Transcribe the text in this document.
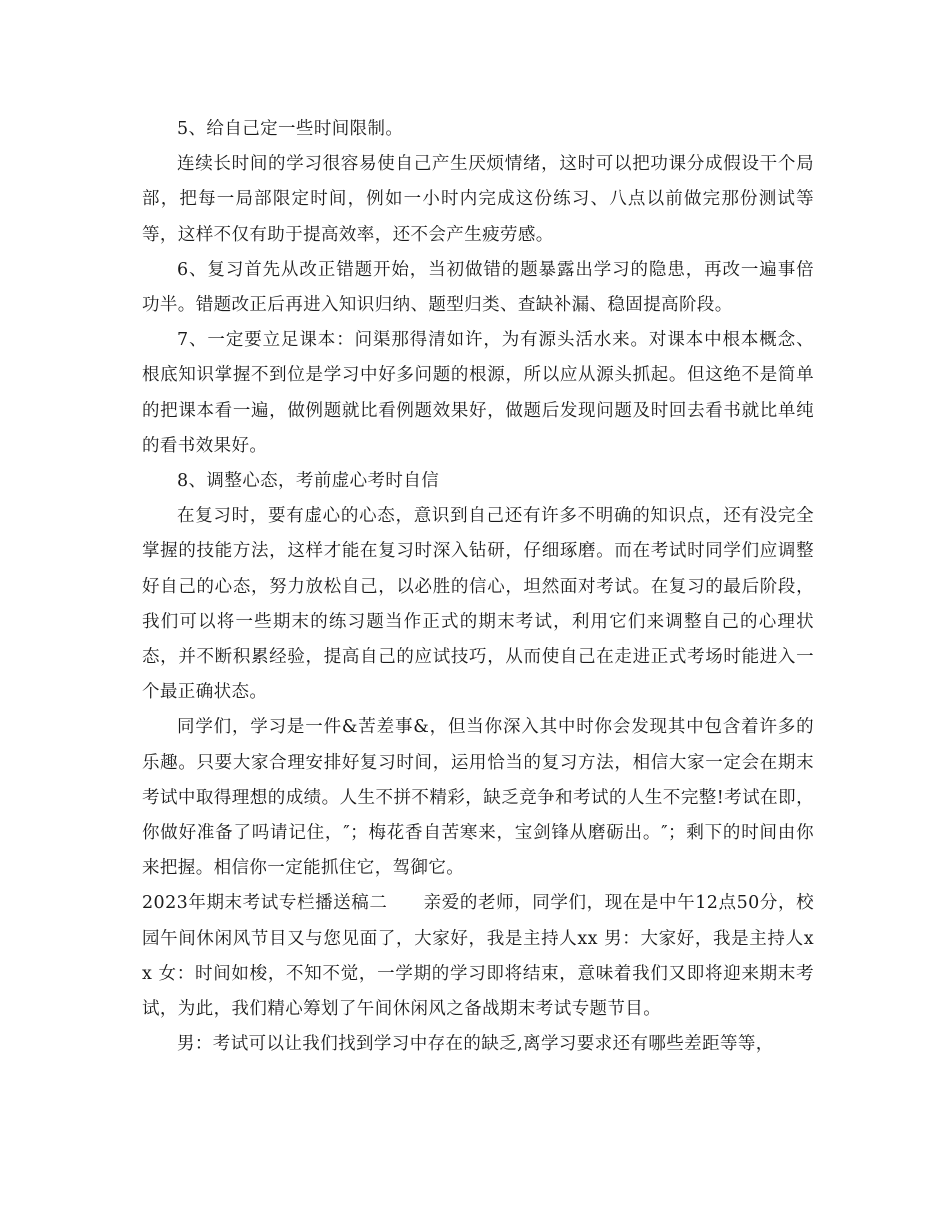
5、给自己定一些时间限制。

连续长时间的学习很容易使自己产生厌烦情绪，这时可以把功课分成假设干个局部，把每一局部限定时间，例如一小时内完成这份练习、八点以前做完那份测试等等，这样不仅有助于提高效率，还不会产生疲劳感。

6、复习首先从改正错题开始，当初做错的题暴露出学习的隐患，再改一遍事倍功半。错题改正后再进入知识归纳、题型归类、查缺补漏、稳固提高阶段。

7、一定要立足课本：问渠那得清如许，为有源头活水来。对课本中根本概念、根底知识掌握不到位是学习中好多问题的根源，所以应从源头抓起。但这绝不是简单的把课本看一遍，做例题就比看例题效果好，做题后发现问题及时回去看书就比单纯的看书效果好。

8、调整心态，考前虚心考时自信

在复习时，要有虚心的心态，意识到自己还有许多不明确的知识点，还有没完全掌握的技能方法，这样才能在复习时深入钻研，仔细琢磨。而在考试时同学们应调整好自己的心态，努力放松自己，以必胜的信心，坦然面对考试。在复习的最后阶段，我们可以将一些期末的练习题当作正式的期末考试，利用它们来调整自己的心理状态，并不断积累经验，提高自己的应试技巧，从而使自己在走进正式考场时能进入一个最正确状态。

同学们，学习是一件&苦差事&，但当你深入其中时你会发现其中包含着许多的乐趣。只要大家合理安排好复习时间，运用恰当的复习方法，相信大家一定会在期末考试中取得理想的成绩。人生不拼不精彩，缺乏竞争和考试的人生不完整!考试在即，你做好准备了吗请记住，″；梅花香自苦寒来，宝剑锋从磨砺出。″；剩下的时间由你来把握。相信你一定能抓住它，驾御它。

2023年期末考试专栏播送稿二　　亲爱的老师，同学们，现在是中午12点50分，校园午间休闲风节目又与您见面了，大家好，我是主持人xx 男：大家好，我是主持人xx 女：时间如梭，不知不觉，一学期的学习即将结束，意味着我们又即将迎来期末考试，为此，我们精心筹划了午间休闲风之备战期末考试专题节目。

男：考试可以让我们找到学习中存在的缺乏,离学习要求还有哪些差距等等，
